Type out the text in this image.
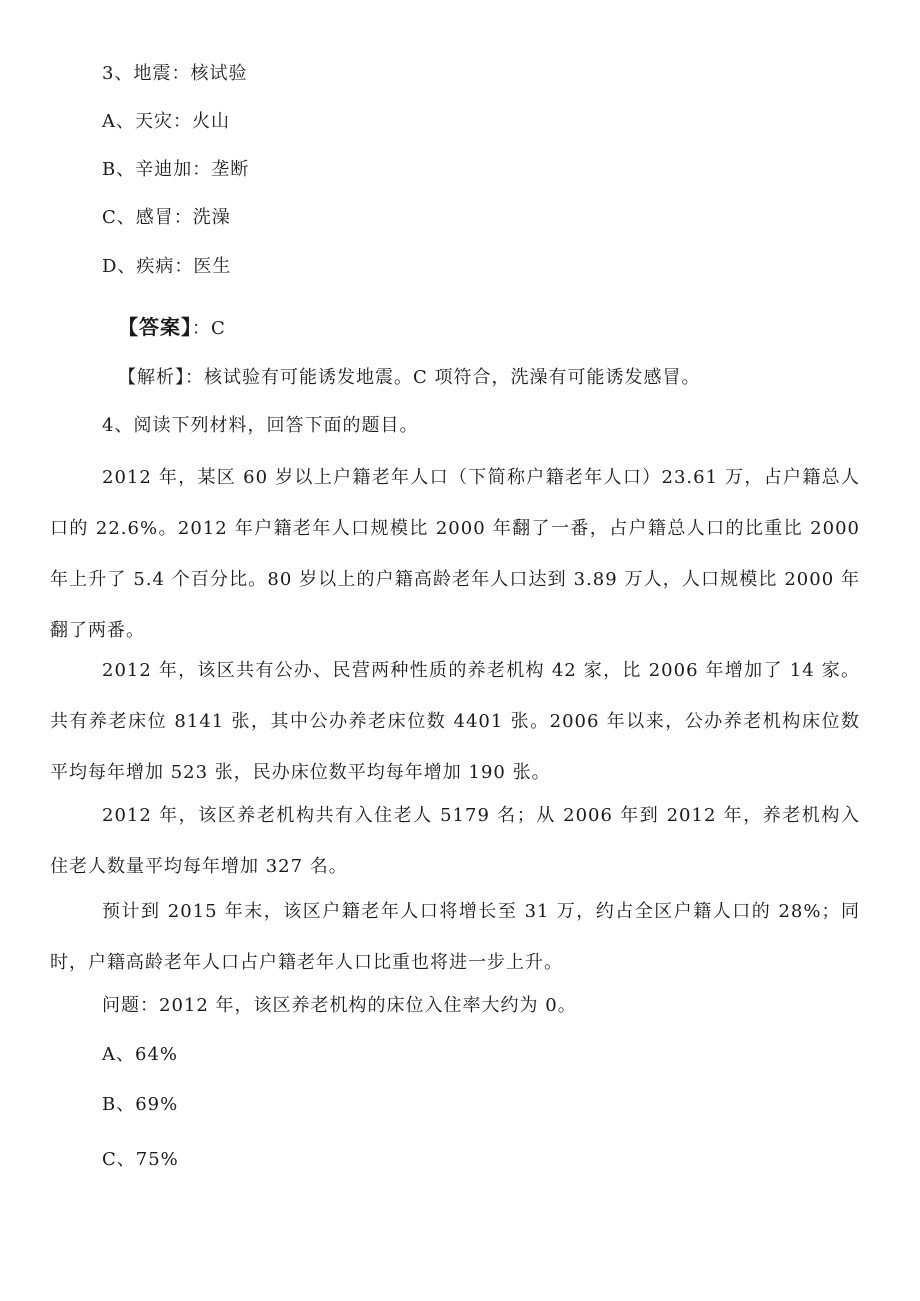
3、地震：核试验
A、天灾：火山
B、辛迪加：垄断
C、感冒：洗澡
D、疾病：医生
【答案】：C
【解析】：核试验有可能诱发地震。C 项符合，洗澡有可能诱发感冒。
4、阅读下列材料，回答下面的题目。
2012 年，某区 60 岁以上户籍老年人口（下简称户籍老年人口）23.61 万，占户籍总人口的 22.6%。2012 年户籍老年人口规模比 2000 年翻了一番，占户籍总人口的比重比 2000 年上升了 5.4 个百分比。80 岁以上的户籍高龄老年人口达到 3.89 万人，人口规模比 2000 年翻了两番。
2012 年，该区共有公办、民营两种性质的养老机构 42 家，比 2006 年增加了 14 家。共有养老床位 8141 张，其中公办养老床位数 4401 张。2006 年以来，公办养老机构床位数平均每年增加 523 张，民办床位数平均每年增加 190 张。
2012 年，该区养老机构共有入住老人 5179 名；从 2006 年到 2012 年，养老机构入住老人数量平均每年增加 327 名。
预计到 2015 年末，该区户籍老年人口将增长至 31 万，约占全区户籍人口的 28%；同时，户籍高龄老年人口占户籍老年人口比重也将进一步上升。
问题：2012 年，该区养老机构的床位入住率大约为 0。
A、64%
B、69%
C、75%
